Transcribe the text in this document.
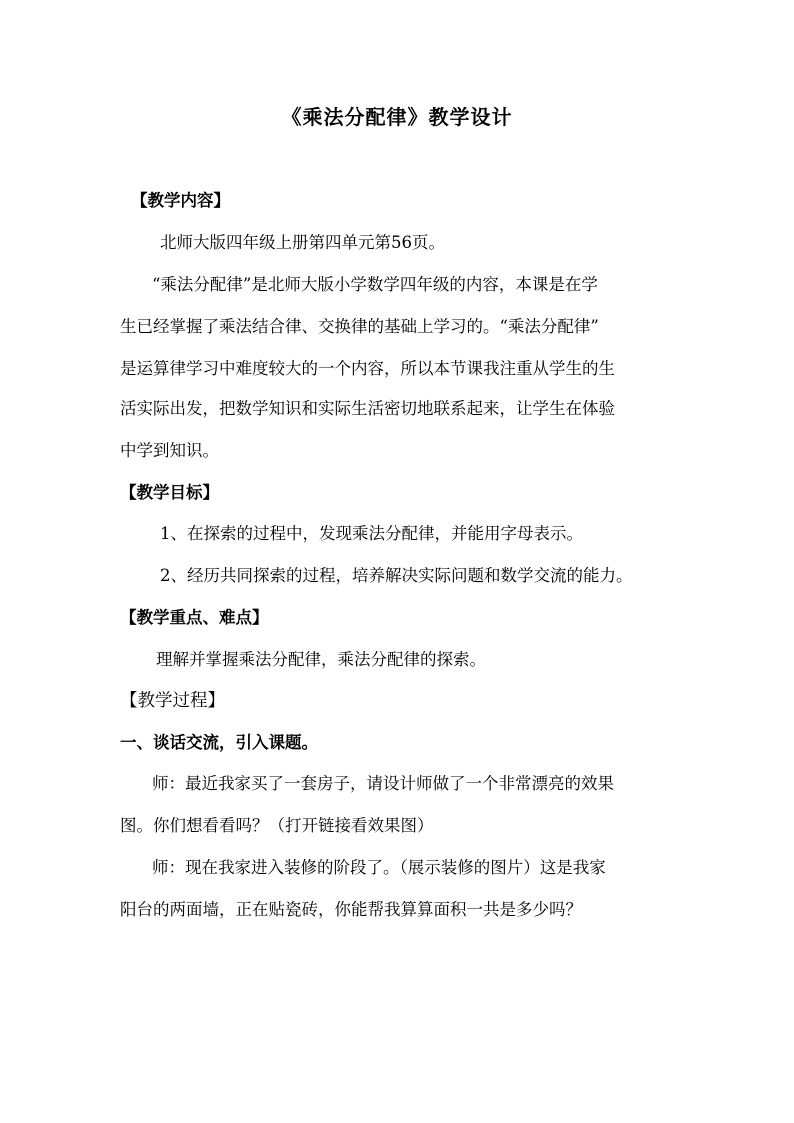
《乘法分配律》教学设计
【教学内容】
北师大版四年级上册第四单元第56页。
“乘法分配律”是北师大版小学数学四年级的内容，本课是在学
生已经掌握了乘法结合律、交换律的基础上学习的。“乘法分配律”
是运算律学习中难度较大的一个内容，所以本节课我注重从学生的生
活实际出发，把数学知识和实际生活密切地联系起来，让学生在体验
中学到知识。
【教学目标】
1、在探索的过程中，发现乘法分配律，并能用字母表示。
2、经历共同探索的过程，培养解决实际问题和数学交流的能力。
【教学重点、难点】
理解并掌握乘法分配律，乘法分配律的探索。
【教学过程】
一、谈话交流，引入课题。
师：最近我家买了一套房子，请设计师做了一个非常漂亮的效果
图。你们想看看吗？（打开链接看效果图）
师：现在我家进入装修的阶段了。（展示装修的图片）这是我家
阳台的两面墙，正在贴瓷砖，你能帮我算算面积一共是多少吗？
